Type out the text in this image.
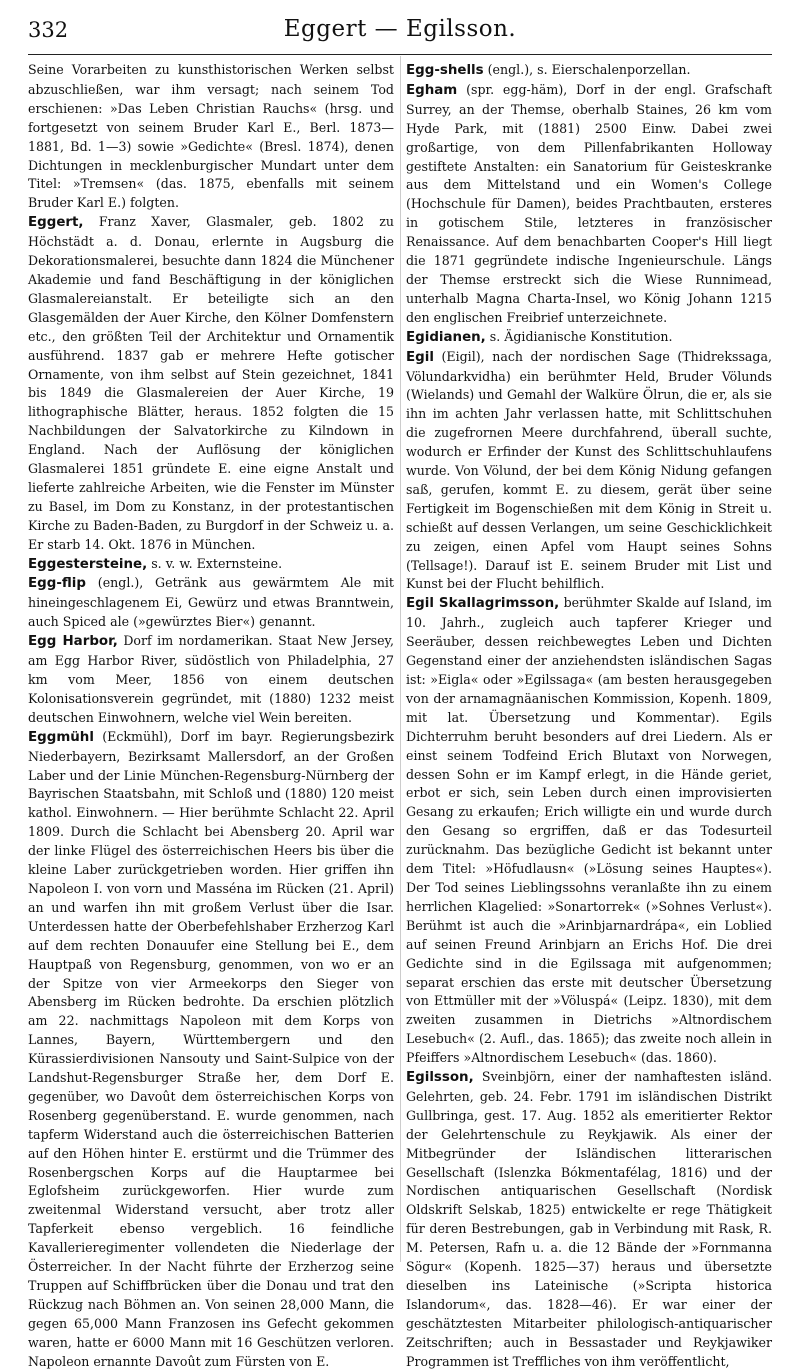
332	Eggert — Egilsson.

Seine Vorarbeiten zu kunsthistorischen Werken selbst abzuschließen, war ihm versagt; nach seinem Tod erschienen: »Das Leben Christian Rauchs« (hrsg. und fortgesetzt von seinem Bruder Karl E., Berl. 1873—1881, Bd. 1—3) sowie »Gedichte« (Bresl. 1874), denen Dichtungen in mecklenburgischer Mundart unter dem Titel: »Tremsen« (das. 1875, ebenfalls mit seinem Bruder Karl E.) folgten.

Eggert, Franz Xaver, Glasmaler, geb. 1802 zu Höchstädt a. d. Donau, erlernte in Augsburg die Dekorationsmalerei, besuchte dann 1824 die Münchener Akademie und fand Beschäftigung in der königlichen Glasmalereianstalt. Er beteiligte sich an den Glasgemälden der Auer Kirche, den Kölner Domfenstern etc., den größten Teil der Architektur und Ornamentik ausführend. 1837 gab er mehrere Hefte gotischer Ornamente, von ihm selbst auf Stein gezeichnet, 1841 bis 1849 die Glasmalereien der Auer Kirche, 19 lithographische Blätter, heraus. 1852 folgten die 15 Nachbildungen der Salvatorkirche zu Kilndown in England. Nach der Auflösung der königlichen Glasmalerei 1851 gründete E. eine eigne Anstalt und lieferte zahlreiche Arbeiten, wie die Fenster im Münster zu Basel, im Dom zu Konstanz, in der protestantischen Kirche zu Baden-Baden, zu Burgdorf in der Schweiz u. a. Er starb 14. Okt. 1876 in München.

Eggestersteine, s. v. w. Externsteine.

Egg-flip (engl.), Getränk aus gewärmtem Ale mit hineingeschlagenem Ei, Gewürz und etwas Branntwein, auch Spiced ale (»gewürztes Bier«) genannt.

Egg Harbor, Dorf im nordamerikan. Staat New Jersey, am Egg Harbor River, südöstlich von Philadelphia, 27 km vom Meer, 1856 von einem deutschen Kolonisationsverein gegründet, mit (1880) 1232 meist deutschen Einwohnern, welche viel Wein bereiten.

Eggmühl (Eckmühl), Dorf im bayr. Regierungsbezirk Niederbayern, Bezirksamt Mallersdorf, an der Großen Laber und der Linie München-Regensburg-Nürnberg der Bayrischen Staatsbahn, mit Schloß und (1880) 120 meist kathol. Einwohnern. — Hier berühmte Schlacht 22. April 1809. Durch die Schlacht bei Abensberg 20. April war der linke Flügel des österreichischen Heers bis über die kleine Laber zurückgetrieben worden. Hier griffen ihn Napoleon I. von vorn und Masséna im Rücken (21. April) an und warfen ihn mit großem Verlust über die Isar. Unterdessen hatte der Oberbefehlshaber Erzherzog Karl auf dem rechten Donauufer eine Stellung bei E., dem Hauptpaß von Regensburg, genommen, von wo er an der Spitze von vier Armeekorps den Sieger von Abensberg im Rücken bedrohte. Da erschien plötzlich am 22. nachmittags Napoleon mit dem Korps von Lannes, Bayern, Württembergern und den Kürassierdivisionen Nansouty und Saint-Sulpice von der Landshut-Regensburger Straße her, dem Dorf E. gegenüber, wo Davoût dem österreichischen Korps von Rosenberg gegenüberstand. E. wurde genommen, nach tapferm Widerstand auch die österreichischen Batterien auf den Höhen hinter E. erstürmt und die Trümmer des Rosenbergschen Korps auf die Hauptarmee bei Eglofsheim zurückgeworfen. Hier wurde zum zweitenmal Widerstand versucht, aber trotz aller Tapferkeit ebenso vergeblich. 16 feindliche Kavallerieregimenter vollendeten die Niederlage der Österreicher. In der Nacht führte der Erzherzog seine Truppen auf Schiffbrücken über die Donau und trat den Rückzug nach Böhmen an. Von seinen 28,000 Mann, die gegen 65,000 Mann Franzosen ins Gefecht gekommen waren, hatte er 6000 Mann mit 16 Geschützen verloren. Napoleon ernannte Davoût zum Fürsten von E.

Egg-shells (engl.), s. Eierschalenporzellan.

Egham (spr. egg-häm), Dorf in der engl. Grafschaft Surrey, an der Themse, oberhalb Staines, 26 km vom Hyde Park, mit (1881) 2500 Einw. Dabei zwei großartige, von dem Pillenfabrikanten Holloway gestiftete Anstalten: ein Sanatorium für Geisteskranke aus dem Mittelstand und ein Women's College (Hochschule für Damen), beides Prachtbauten, ersteres in gotischem Stile, letzteres in französischer Renaissance. Auf dem benachbarten Cooper's Hill liegt die 1871 gegründete indische Ingenieurschule. Längs der Themse erstreckt sich die Wiese Runnimead, unterhalb Magna Charta-Insel, wo König Johann 1215 den englischen Freibrief unterzeichnete.

Egidianen, s. Ägidianische Konstitution.

Egil (Eigil), nach der nordischen Sage (Thidrekssaga, Völundarkvidha) ein berühmter Held, Bruder Völunds (Wielands) und Gemahl der Walküre Ölrun, die er, als sie ihn im achten Jahr verlassen hatte, mit Schlittschuhen die zugefrornen Meere durchfahrend, überall suchte, wodurch er Erfinder der Kunst des Schlittschuhlaufens wurde. Von Völund, der bei dem König Nidung gefangen saß, gerufen, kommt E. zu diesem, gerät über seine Fertigkeit im Bogenschießen mit dem König in Streit u. schießt auf dessen Verlangen, um seine Geschicklichkeit zu zeigen, einen Apfel vom Haupt seines Sohns (Tellsage!). Darauf ist E. seinem Bruder mit List und Kunst bei der Flucht behilflich.

Egil Skallagrimsson, berühmter Skalde auf Island, im 10. Jahrh., zugleich auch tapferer Krieger und Seeräuber, dessen reichbewegtes Leben und Dichten Gegenstand einer der anziehendsten isländischen Sagas ist: »Eigla« oder »Egilssaga« (am besten herausgegeben von der arnamagnäanischen Kommission, Kopenh. 1809, mit lat. Übersetzung und Kommentar). Egils Dichterruhm beruht besonders auf drei Liedern. Als er einst seinem Todfeind Erich Blutaxt von Norwegen, dessen Sohn er im Kampf erlegt, in die Hände geriet, erbot er sich, sein Leben durch einen improvisierten Gesang zu erkaufen; Erich willigte ein und wurde durch den Gesang so ergriffen, daß er das Todesurteil zurücknahm. Das bezügliche Gedicht ist bekannt unter dem Titel: »Höfudlausn« (»Lösung seines Hauptes«). Der Tod seines Lieblingssohns veranlaßte ihn zu einem herrlichen Klagelied: »Sonartorrek« (»Sohnes Verlust«). Berühmt ist auch die »Arinbjarnardrápa«, ein Loblied auf seinen Freund Arinbjarn an Erichs Hof. Die drei Gedichte sind in die Egilssaga mit aufgenommen; separat erschien das erste mit deutscher Übersetzung von Ettmüller mit der »Völuspá« (Leipz. 1830), mit dem zweiten zusammen in Dietrichs »Altnordischem Lesebuch« (2. Aufl., das. 1865); das zweite noch allein in Pfeiffers »Altnordischem Lesebuch« (das. 1860).

Egilsson, Sveinbjörn, einer der namhaftesten isländ. Gelehrten, geb. 24. Febr. 1791 im isländischen Distrikt Gullbringa, gest. 17. Aug. 1852 als emeritierter Rektor der Gelehrtenschule zu Reykjawik. Als einer der Mitbegründer der Isländischen litterarischen Gesellschaft (Islenzka Bókmentafélag, 1816) und der Nordischen antiquarischen Gesellschaft (Nordisk Oldskrift Selskab, 1825) entwickelte er rege Thätigkeit für deren Bestrebungen, gab in Verbindung mit Rask, R. M. Petersen, Rafn u. a. die 12 Bände der »Fornmanna Sögur« (Kopenh. 1825—37) heraus und übersetzte dieselben ins Lateinische (»Scripta historica Islandorum«, das. 1828—46). Er war einer der geschätztesten Mitarbeiter philologisch-antiquarischer Zeitschriften; auch in Bessastader und Reykjawiker Programmen ist Treffliches von ihm veröffentlicht,
